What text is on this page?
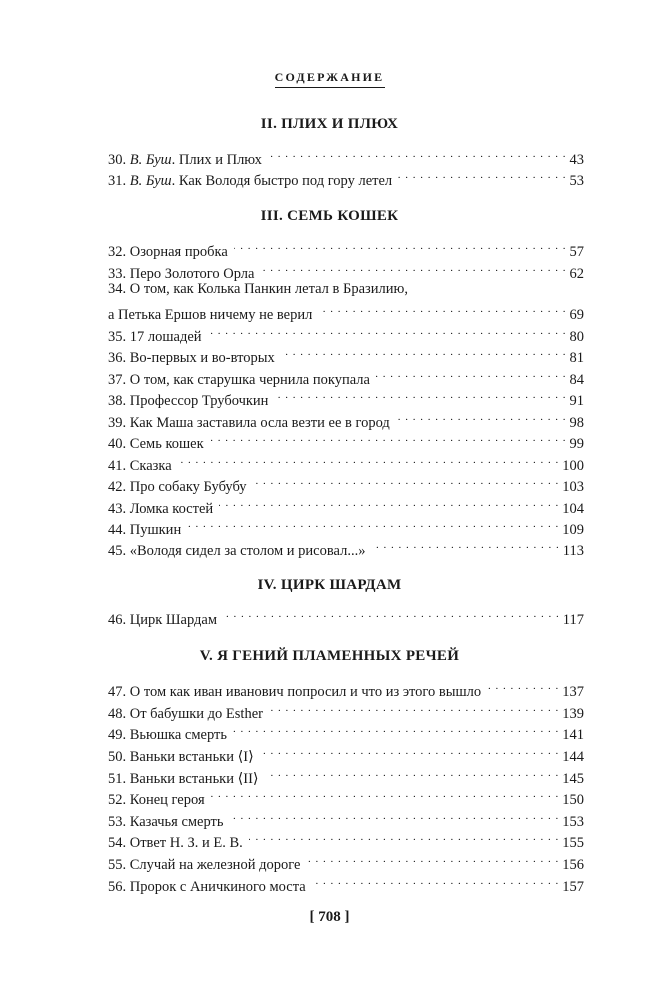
СОДЕРЖАНИЕ
II. ПЛИХ И ПЛЮХ
30. В. Буш. Плих и Плюх . . .	43
31. В. Буш. Как Володя быстро под гору летел . . .	53
III. СЕМЬ КОШЕК
32. Озорная пробка . . .	57
33. Перо Золотого Орла . . .	62
34. О том, как Колька Панкин летал в Бразилию,
а Петька Ершов ничему не верил . . .	69
35. 17 лошадей . . .	80
36. Во-первых и во-вторых . . .	81
37. О том, как старушка чернила покупала . . .	84
38. Профессор Трубочкин . . .	91
39. Как Маша заставила осла везти ее в город . . .	98
40. Семь кошек . . .	99
41. Сказка . . .	100
42. Про собаку Бубубу . . .	103
43. Ломка костей . . .	104
44. Пушкин . . .	109
45. «Володя сидел за столом и рисовал...» . . .	113
IV. ЦИРК ШАРДАМ
46. Цирк Шардам . . .	117
V. Я ГЕНИЙ ПЛАМЕННЫХ РЕЧЕЙ
47. О том как иван иванович попросил и что из этого вышло . . .	137
48. От бабушки до Esther . . .	139
49. Вьюшка смерть . . .	141
50. Ваньки встаньки ⟨I⟩ . . .	144
51. Ваньки встаньки ⟨II⟩ . . .	145
52. Конец героя . . .	150
53. Казачья смерть . . .	153
54. Ответ Н. З. и Е. В. . . .	155
55. Случай на железной дороге . . .	156
56. Пророк с Аничкиного моста . . .	157
[ 708 ]
